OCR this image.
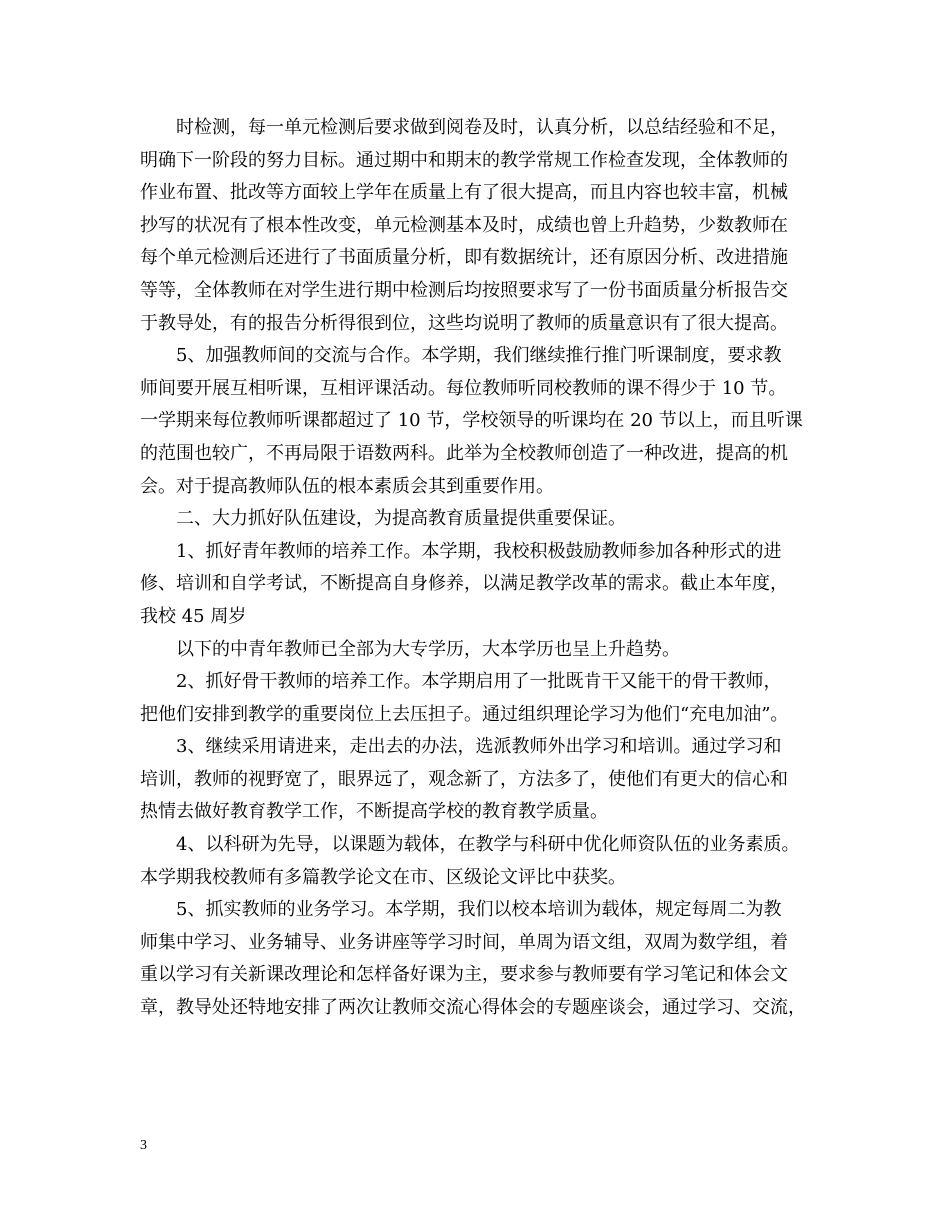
时检测，每一单元检测后要求做到阅卷及时，认真分析，以总结经验和不足，
明确下一阶段的努力目标。通过期中和期末的教学常规工作检查发现，全体教师的
作业布置、批改等方面较上学年在质量上有了很大提高，而且内容也较丰富，机械
抄写的状况有了根本性改变，单元检测基本及时，成绩也曾上升趋势，少数教师在
每个单元检测后还进行了书面质量分析，即有数据统计，还有原因分析、改进措施
等等，全体教师在对学生进行期中检测后均按照要求写了一份书面质量分析报告交
于教导处，有的报告分析得很到位，这些均说明了教师的质量意识有了很大提高。
5、加强教师间的交流与合作。本学期，我们继续推行推门听课制度，要求教
师间要开展互相听课，互相评课活动。每位教师听同校教师的课不得少于 10 节。
一学期来每位教师听课都超过了 10 节，学校领导的听课均在 20 节以上，而且听课
的范围也较广，不再局限于语数两科。此举为全校教师创造了一种改进，提高的机
会。对于提高教师队伍的根本素质会其到重要作用。
二、大力抓好队伍建设，为提高教育质量提供重要保证。
1、抓好青年教师的培养工作。本学期，我校积极鼓励教师参加各种形式的进
修、培训和自学考试，不断提高自身修养，以满足教学改革的需求。截止本年度，
我校 45 周岁
以下的中青年教师已全部为大专学历，大本学历也呈上升趋势。
2、抓好骨干教师的培养工作。本学期启用了一批既肯干又能干的骨干教师，
把他们安排到教学的重要岗位上去压担子。通过组织理论学习为他们“充电加油”。
3、继续采用请进来，走出去的办法，选派教师外出学习和培训。通过学习和
培训，教师的视野宽了，眼界远了，观念新了，方法多了，使他们有更大的信心和
热情去做好教育教学工作，不断提高学校的教育教学质量。
4、以科研为先导，以课题为载体，在教学与科研中优化师资队伍的业务素质。
本学期我校教师有多篇教学论文在市、区级论文评比中获奖。
5、抓实教师的业务学习。本学期，我们以校本培训为载体，规定每周二为教
师集中学习、业务辅导、业务讲座等学习时间，单周为语文组，双周为数学组，着
重以学习有关新课改理论和怎样备好课为主，要求参与教师要有学习笔记和体会文
章，教导处还特地安排了两次让教师交流心得体会的专题座谈会，通过学习、交流，
3
